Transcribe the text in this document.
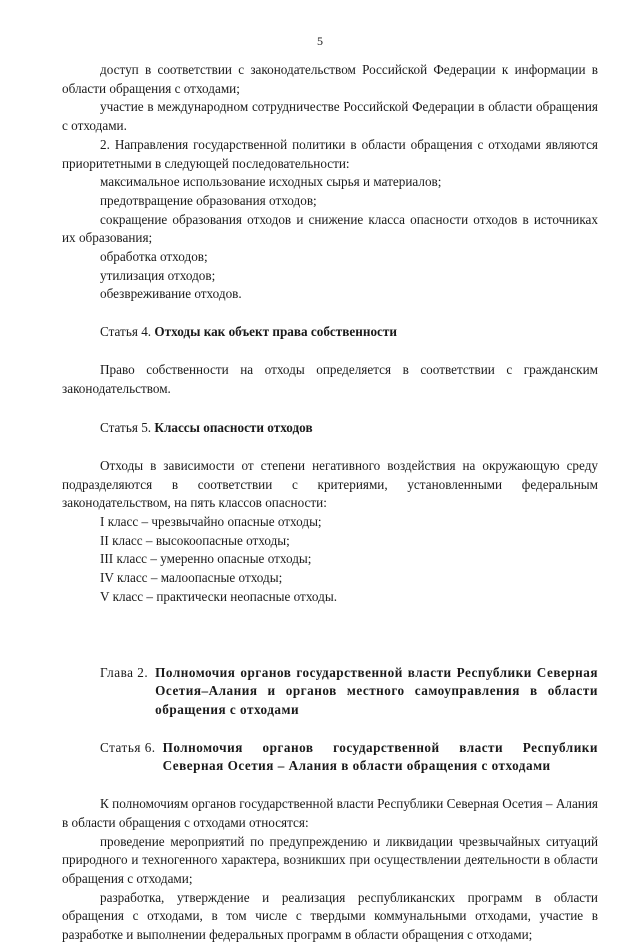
5

доступ в соответствии с законодательством Российской Федерации к информации в области обращения с отходами;

участие в международном сотрудничестве Российской Федерации в области обращения с отходами.

2. Направления государственной политики в области обращения с отходами являются приоритетными в следующей последовательности:

максимальное использование исходных сырья и материалов;

предотвращение образования отходов;

сокращение образования отходов и снижение класса опасности отходов в источниках их образования;

обработка отходов;

утилизация отходов;

обезвреживание отходов.

Статья 4. Отходы как объект права собственности

Право собственности на отходы определяется в соответствии с гражданским законодательством.

Статья 5. Классы опасности отходов

Отходы в зависимости от степени негативного воздействия на окружающую среду подразделяются в соответствии с критериями, установленными федеральным законодательством, на пять классов опасности:

I класс – чрезвычайно опасные отходы;

II класс – высокоопасные отходы;

III класс – умеренно опасные отходы;

IV класс – малоопасные отходы;

V класс – практически неопасные отходы.

Глава 2. Полномочия органов государственной власти Республики Северная Осетия–Алания и органов местного самоуправления в области обращения с отходами
Статья 6. Полномочия органов государственной власти Республики Северная Осетия – Алания в области обращения с отходами

К полномочиям органов государственной власти Республики Северная Осетия – Алания в области обращения с отходами относятся:

проведение мероприятий по предупреждению и ликвидации чрезвычайных ситуаций природного и техногенного характера, возникших при осуществлении деятельности в области обращения с отходами;

разработка, утверждение и реализация республиканских программ в области обращения с отходами, в том числе с твердыми коммунальными отходами, участие в разработке и выполнении федеральных программ в области обращения с отходами;
